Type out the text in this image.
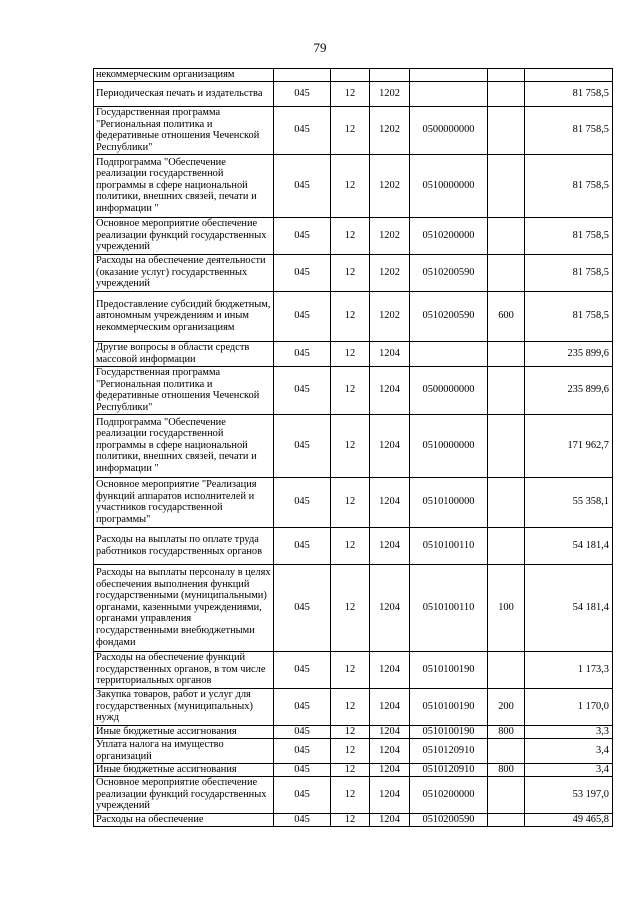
79
некоммерческим организациям						
Периодическая печать и издательства	045	12	1202			81 758,5
Государственная программа "Региональная политика и федеративные отношения Чеченской Республики"	045	12	1202	0500000000		81 758,5
Подпрограмма "Обеспечение реализации государственной программы в сфере национальной политики, внешних связей, печати и информации "	045	12	1202	0510000000		81 758,5
Основное мероприятие обеспечение реализации функций государственных учреждений	045	12	1202	0510200000		81 758,5
Расходы на обеспечение деятельности (оказание услуг) государственных учреждений	045	12	1202	0510200590		81 758,5
Предоставление субсидий бюджетным, автономным учреждениям и иным некоммерческим организациям	045	12	1202	0510200590	600	81 758,5
Другие вопросы в области средств массовой информации	045	12	1204			235 899,6
Государственная программа "Региональная политика и федеративные отношения Чеченской Республики"	045	12	1204	0500000000		235 899,6
Подпрограмма "Обеспечение реализации государственной программы в сфере национальной политики, внешних связей, печати и информации "	045	12	1204	0510000000		171 962,7
Основное мероприятие "Реализация функций аппаратов исполнителей и участников государственной программы"	045	12	1204	0510100000		55 358,1
Расходы на выплаты по оплате труда работников государственных органов	045	12	1204	0510100110		54 181,4
Расходы на выплаты персоналу в целях обеспечения выполнения функций государственными (муниципальными) органами, казенными учреждениями, органами управления государственными внебюджетными фондами	045	12	1204	0510100110	100	54 181,4
Расходы на обеспечение функций государственных органов, в том числе территориальных органов	045	12	1204	0510100190		1 173,3
Закупка товаров, работ и услуг для государственных (муниципальных) нужд	045	12	1204	0510100190	200	1 170,0
Иные бюджетные ассигнования	045	12	1204	0510100190	800	3,3
Уплата налога на имущество организаций	045	12	1204	0510120910		3,4
Иные бюджетные ассигнования	045	12	1204	0510120910	800	3,4
Основное мероприятие обеспечение реализации функций государственных учреждений	045	12	1204	0510200000		53 197,0
Расходы на обеспечение	045	12	1204	0510200590		49 465,8
